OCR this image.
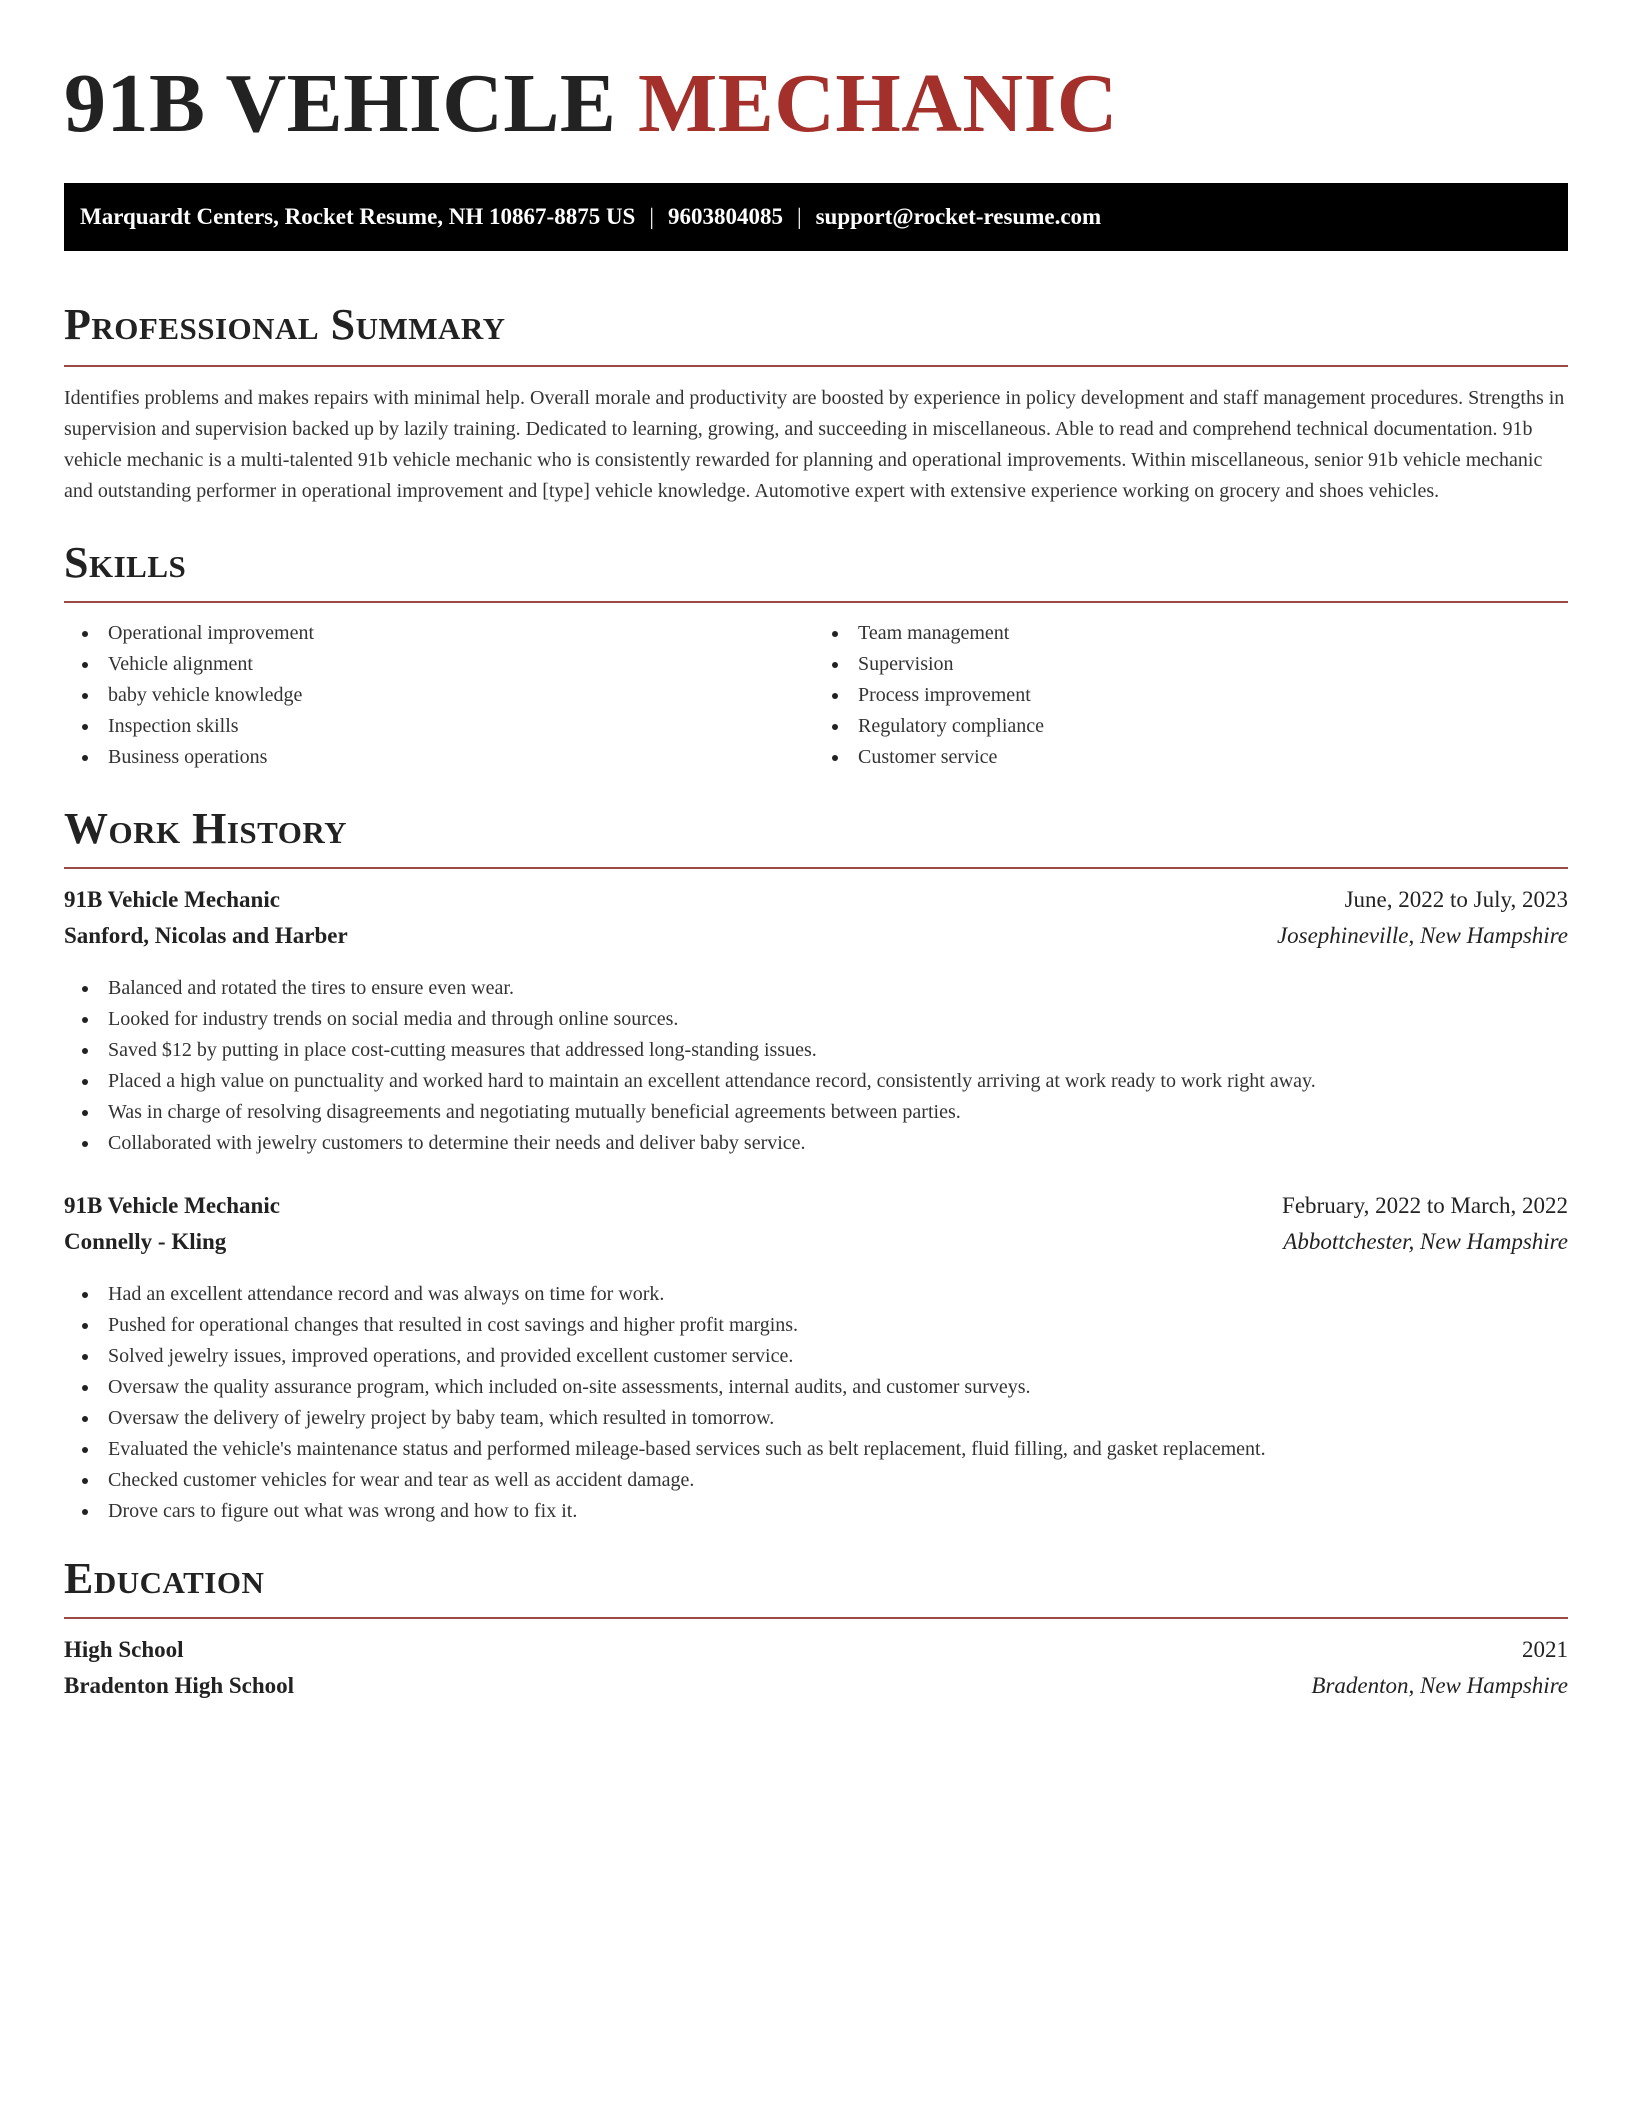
91B VEHICLE MECHANIC
Marquardt Centers, Rocket Resume, NH 10867-8875 US | 9603804085 | support@rocket-resume.com
Professional Summary

Identifies problems and makes repairs with minimal help. Overall morale and productivity are boosted by experience in policy development and staff management procedures. Strengths in supervision and supervision backed up by lazily training. Dedicated to learning, growing, and succeeding in miscellaneous. Able to read and comprehend technical documentation. 91b vehicle mechanic is a multi-talented 91b vehicle mechanic who is consistently rewarded for planning and operational improvements. Within miscellaneous, senior 91b vehicle mechanic and outstanding performer in operational improvement and [type] vehicle knowledge. Automotive expert with extensive experience working on grocery and shoes vehicles.

Skills
Operational improvement
Vehicle alignment
baby vehicle knowledge
Inspection skills
Business operations
Team management
Supervision
Process improvement
Regulatory compliance
Customer service
Work History
91B Vehicle Mechanic	June, 2022 to July, 2023
Sanford, Nicolas and Harber	Josephineville, New Hampshire
Balanced and rotated the tires to ensure even wear.
Looked for industry trends on social media and through online sources.
Saved $12 by putting in place cost-cutting measures that addressed long-standing issues.
Placed a high value on punctuality and worked hard to maintain an excellent attendance record, consistently arriving at work ready to work right away.
Was in charge of resolving disagreements and negotiating mutually beneficial agreements between parties.
Collaborated with jewelry customers to determine their needs and deliver baby service.
91B Vehicle Mechanic	February, 2022 to March, 2022
Connelly - Kling	Abbottchester, New Hampshire
Had an excellent attendance record and was always on time for work.
Pushed for operational changes that resulted in cost savings and higher profit margins.
Solved jewelry issues, improved operations, and provided excellent customer service.
Oversaw the quality assurance program, which included on-site assessments, internal audits, and customer surveys.
Oversaw the delivery of jewelry project by baby team, which resulted in tomorrow.
Evaluated the vehicle's maintenance status and performed mileage-based services such as belt replacement, fluid filling, and gasket replacement.
Checked customer vehicles for wear and tear as well as accident damage.
Drove cars to figure out what was wrong and how to fix it.
Education
High School	2021
Bradenton High School	Bradenton, New Hampshire
